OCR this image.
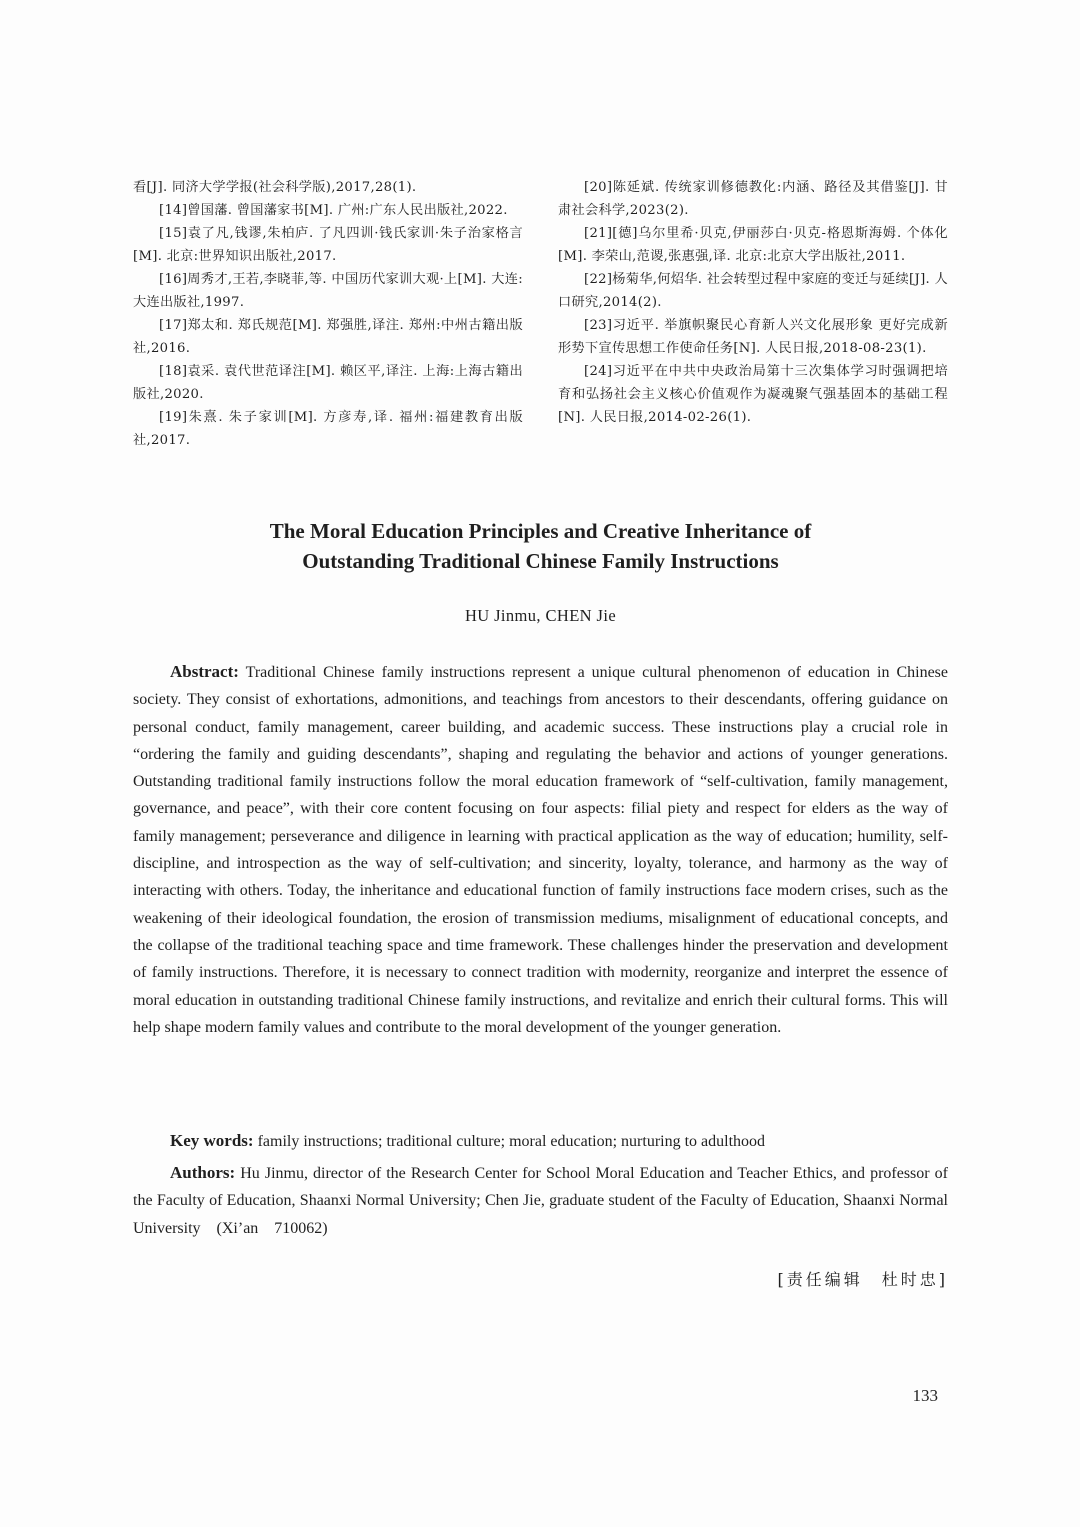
看[J]. 同济大学学报(社会科学版),2017,28(1).

[14]曾国藩. 曾国藩家书[M]. 广州:广东人民出版社,2022.

[15]袁了凡,钱谬,朱柏庐. 了凡四训·钱氏家训·朱子治家格言[M]. 北京:世界知识出版社,2017.

[16]周秀才,王若,李晓菲,等. 中国历代家训大观·上[M]. 大连:大连出版社,1997.

[17]郑太和. 郑氏规范[M]. 郑强胜,译注. 郑州:中州古籍出版社,2016.

[18]袁采. 袁代世范译注[M]. 赖区平,译注. 上海:上海古籍出版社,2020.

[19]朱熹. 朱子家训[M]. 方彦寿,译. 福州:福建教育出版社,2017.

[20]陈延斌. 传统家训修德教化:内涵、路径及其借鉴[J]. 甘肃社会科学,2023(2).

[21][德]乌尔里希·贝克,伊丽莎白·贝克-格恩斯海姆. 个体化[M]. 李荣山,范谡,张惠强,译. 北京:北京大学出版社,2011.

[22]杨菊华,何炤华. 社会转型过程中家庭的变迁与延续[J]. 人口研究,2014(2).

[23]习近平. 举旗帜聚民心育新人兴文化展形象 更好完成新形势下宣传思想工作使命任务[N]. 人民日报,2018-08-23(1).

[24]习近平在中共中央政治局第十三次集体学习时强调把培育和弘扬社会主义核心价值观作为凝魂聚气强基固本的基础工程[N]. 人民日报,2014-02-26(1).

The Moral Education Principles and Creative Inheritance of
Outstanding Traditional Chinese Family Instructions
HU Jinmu, CHEN Jie

Abstract: Traditional Chinese family instructions represent a unique cultural phenomenon of education in Chinese society. They consist of exhortations, admonitions, and teachings from ancestors to their descendants, offering guidance on personal conduct, family management, career building, and academic success. These instructions play a crucial role in “ordering the family and guiding descendants”, shaping and regulating the behavior and actions of younger generations. Outstanding traditional family instructions follow the moral education framework of “self-cultivation, family management, governance, and peace”, with their core content focusing on four aspects: filial piety and respect for elders as the way of family management; perseverance and diligence in learning with practical application as the way of education; humility, self-discipline, and introspection as the way of self-cultivation; and sincerity, loyalty, tolerance, and harmony as the way of interacting with others. Today, the inheritance and educational function of family instructions face modern crises, such as the weakening of their ideological foundation, the erosion of transmission mediums, misalignment of educational concepts, and the collapse of the traditional teaching space and time framework. These challenges hinder the preservation and development of family instructions. Therefore, it is necessary to connect tradition with modernity, reorganize and interpret the essence of moral education in outstanding traditional Chinese family instructions, and revitalize and enrich their cultural forms. This will help shape modern family values and contribute to the moral development of the younger generation.

Key words: family instructions; traditional culture; moral education; nurturing to adulthood
Authors: Hu Jinmu, director of the Research Center for School Moral Education and Teacher Ethics, and professor of the Faculty of Education, Shaanxi Normal University; Chen Jie, graduate student of the Faculty of Education, Shaanxi Normal University　(Xi’an　710062)
[责任编辑　杜时忠]
133
